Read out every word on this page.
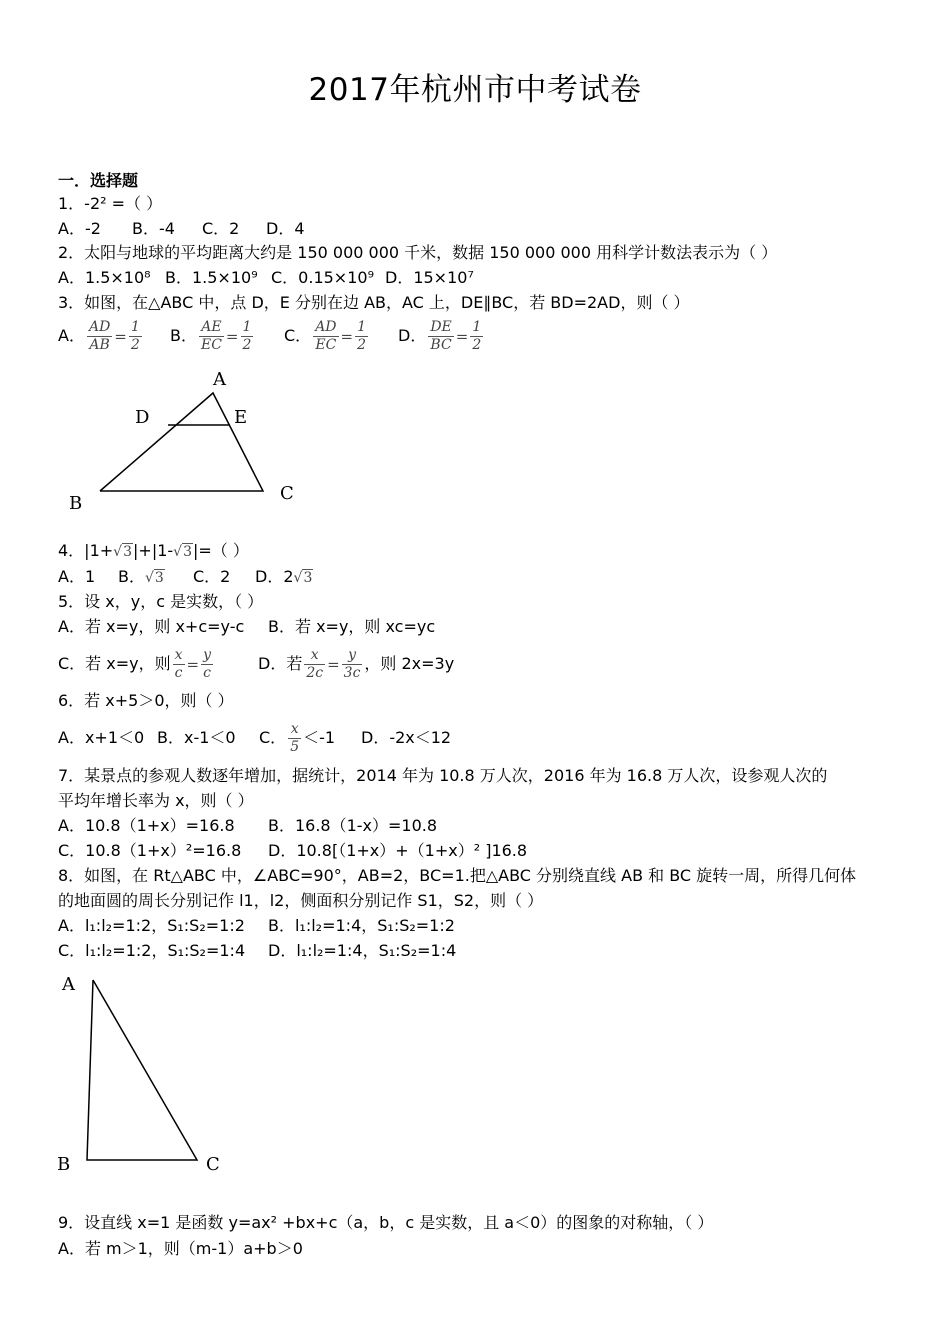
2017年杭州市中考试卷
一．选择题
1．-2² =（ ）
A．-2 B．-4 C．2 D．4
2．太阳与地球的平均距离大约是 150 000 000 千米，数据 150 000 000 用科学计数法表示为（ ）
A．1.5×10⁸ B．1.5×10⁹ C．0.15×10⁹ D．15×10⁷
3．如图，在△ABC 中，点 D，E 分别在边 AB，AC 上，DE∥BC，若 BD=2AD，则（ ）
A． $\frac{AD}{AB} = \frac{1}{2}$ B． $\frac{AE}{EC} = \frac{1}{2}$ C． $\frac{AD}{EC} = \frac{1}{2}$ D． $\frac{DE}{BC} = \frac{1}{2}$
A
D	E
B	C
4．|1+√3|+|1-√3|=（ ）
A．1 B．√3 C．2 D．2√3
5．设 x，y，c 是实数，（ ）
A．若 x=y，则 x+c=y-c B．若 x=y，则 xc=yc
C．若 x=y，则 $\frac{x}{c} = \frac{y}{c}$	D．若 $\frac{x}{2c} = \frac{y}{3c}$ ，则 2x=3y
6．若 x+5＞0，则（ ）
A．x+1＜0 B．x-1＜0 C． $\frac{x}{5} <-1$ D．-2x＜12
7．某景点的参观人数逐年增加，据统计，2014 年为 10.8 万人次，2016 年为 16.8 万人次，设参观人次的
平均年增长率为 x，则（ ）
A．10.8（1+x）=16.8 B．16.8（1-x）=10.8
C．10.8（1+x）²=16.8 D．10.8[（1+x）+（1+x）² ]16.8
8．如图，在 Rt△ABC 中，∠ABC=90°，AB=2，BC=1.把△ABC 分别绕直线 AB 和 BC 旋转一周，所得几何体
的地面圆的周长分别记作 l1，l2，侧面积分别记作 S1，S2，则（ ）
A．l₁:l₂=1:2，S₁:S₂=1:2 B．l₁:l₂=1:4，S₁:S₂=1:2
C．l₁:l₂=1:2，S₁:S₂=1:4 D．l₁:l₂=1:4，S₁:S₂=1:4
A
B	C
9．设直线 x=1 是函数 y=ax² +bx+c（a，b，c 是实数，且 a＜0）的图象的对称轴，（ ）
A．若 m＞1，则（m-1）a+b＞0
